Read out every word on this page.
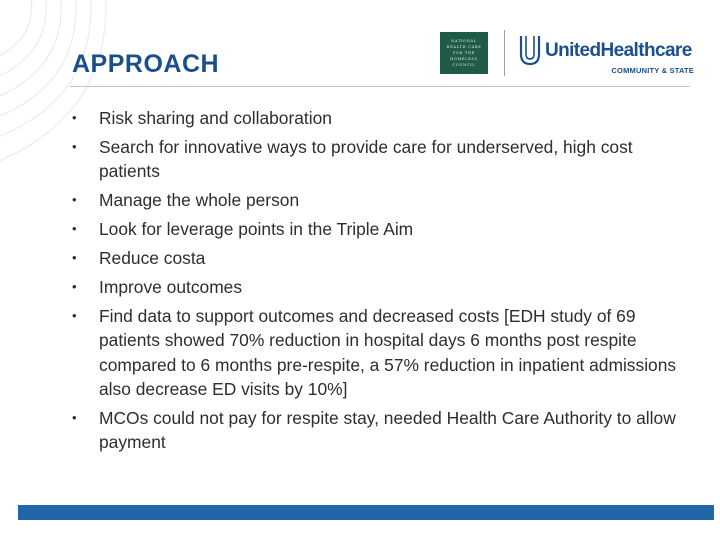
APPROACH
NATIONAL
HEALTH CARE
FOR THE
HOMELESS
COUNCIL
UnitedHealthcare
COMMUNITY & STATE
• Risk sharing and collaboration
• Search for innovative ways to provide care for underserved, high cost patients
• Manage the whole person
• Look for leverage points in the Triple Aim
• Reduce costa
• Improve outcomes
• Find data to support outcomes and decreased costs [EDH study of 69 patients showed 70% reduction in hospital days 6 months post respite compared to 6 months pre-respite, a 57% reduction in inpatient admissions also decrease ED visits by 10%]
• MCOs could not pay for respite stay, needed Health Care Authority to allow payment
